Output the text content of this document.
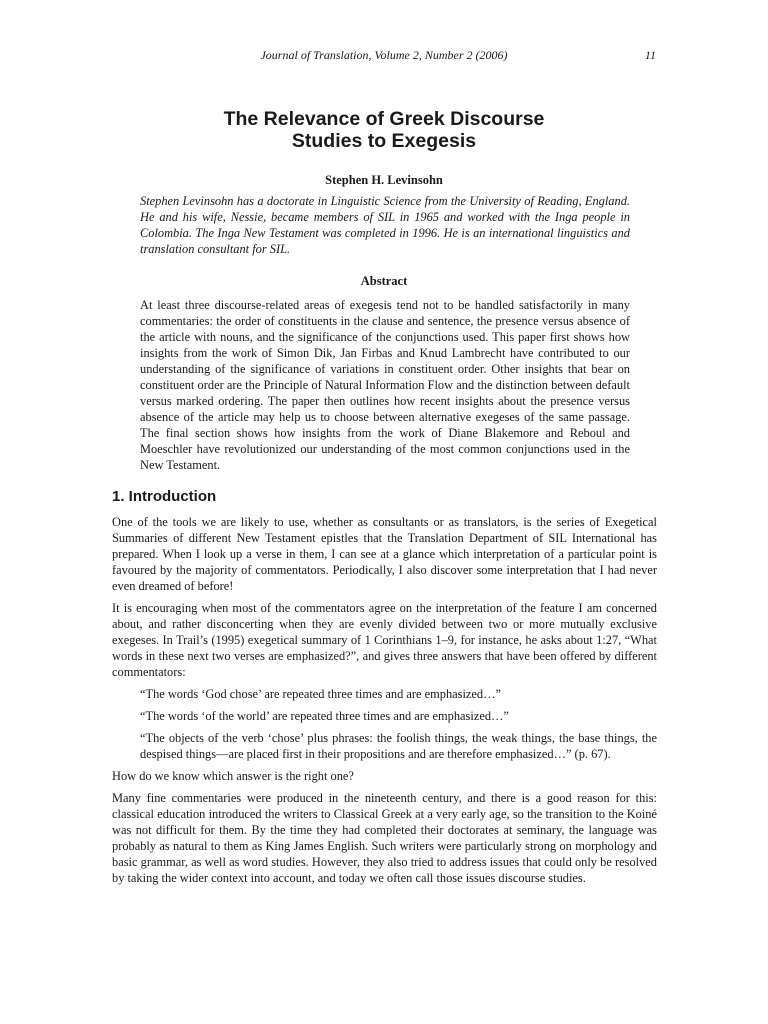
Journal of Translation, Volume 2, Number 2 (2006)	11
The Relevance of Greek Discourse
Studies to Exegesis
Stephen H. Levinsohn
Stephen Levinsohn has a doctorate in Linguistic Science from the University of Reading, England. He and his wife, Nessie, became members of SIL in 1965 and worked with the Inga people in Colombia. The Inga New Testament was completed in 1996. He is an international linguistics and translation consultant for SIL.
Abstract
At least three discourse-related areas of exegesis tend not to be handled satisfactorily in many commentaries: the order of constituents in the clause and sentence, the presence versus absence of the article with nouns, and the significance of the conjunctions used. This paper first shows how insights from the work of Simon Dik, Jan Firbas and Knud Lambrecht have contributed to our understanding of the significance of variations in constituent order. Other insights that bear on constituent order are the Principle of Natural Information Flow and the distinction between default versus marked ordering. The paper then outlines how recent insights about the presence versus absence of the article may help us to choose between alternative exegeses of the same passage. The final section shows how insights from the work of Diane Blakemore and Reboul and Moeschler have revolutionized our understanding of the most common conjunctions used in the New Testament.
1. Introduction

One of the tools we are likely to use, whether as consultants or as translators, is the series of Exegetical Summaries of different New Testament epistles that the Translation Department of SIL International has prepared. When I look up a verse in them, I can see at a glance which interpretation of a particular point is favoured by the majority of commentators. Periodically, I also discover some interpretation that I had never even dreamed of before!

It is encouraging when most of the commentators agree on the interpretation of the feature I am concerned about, and rather disconcerting when they are evenly divided between two or more mutually exclusive exegeses. In Trail’s (1995) exegetical summary of 1 Corinthians 1–9, for instance, he asks about 1:27, “What words in these next two verses are emphasized?”, and gives three answers that have been offered by different commentators:

“The words ‘God chose’ are repeated three times and are emphasized…”

“The words ‘of the world’ are repeated three times and are emphasized…”

“The objects of the verb ‘chose’ plus phrases: the foolish things, the weak things, the base things, the despised things—are placed first in their propositions and are therefore emphasized…” (p. 67).

How do we know which answer is the right one?

Many fine commentaries were produced in the nineteenth century, and there is a good reason for this: classical education introduced the writers to Classical Greek at a very early age, so the transition to the Koiné was not difficult for them. By the time they had completed their doctorates at seminary, the language was probably as natural to them as King James English. Such writers were particularly strong on morphology and basic grammar, as well as word studies. However, they also tried to address issues that could only be resolved by taking the wider context into account, and today we often call those issues discourse studies.
